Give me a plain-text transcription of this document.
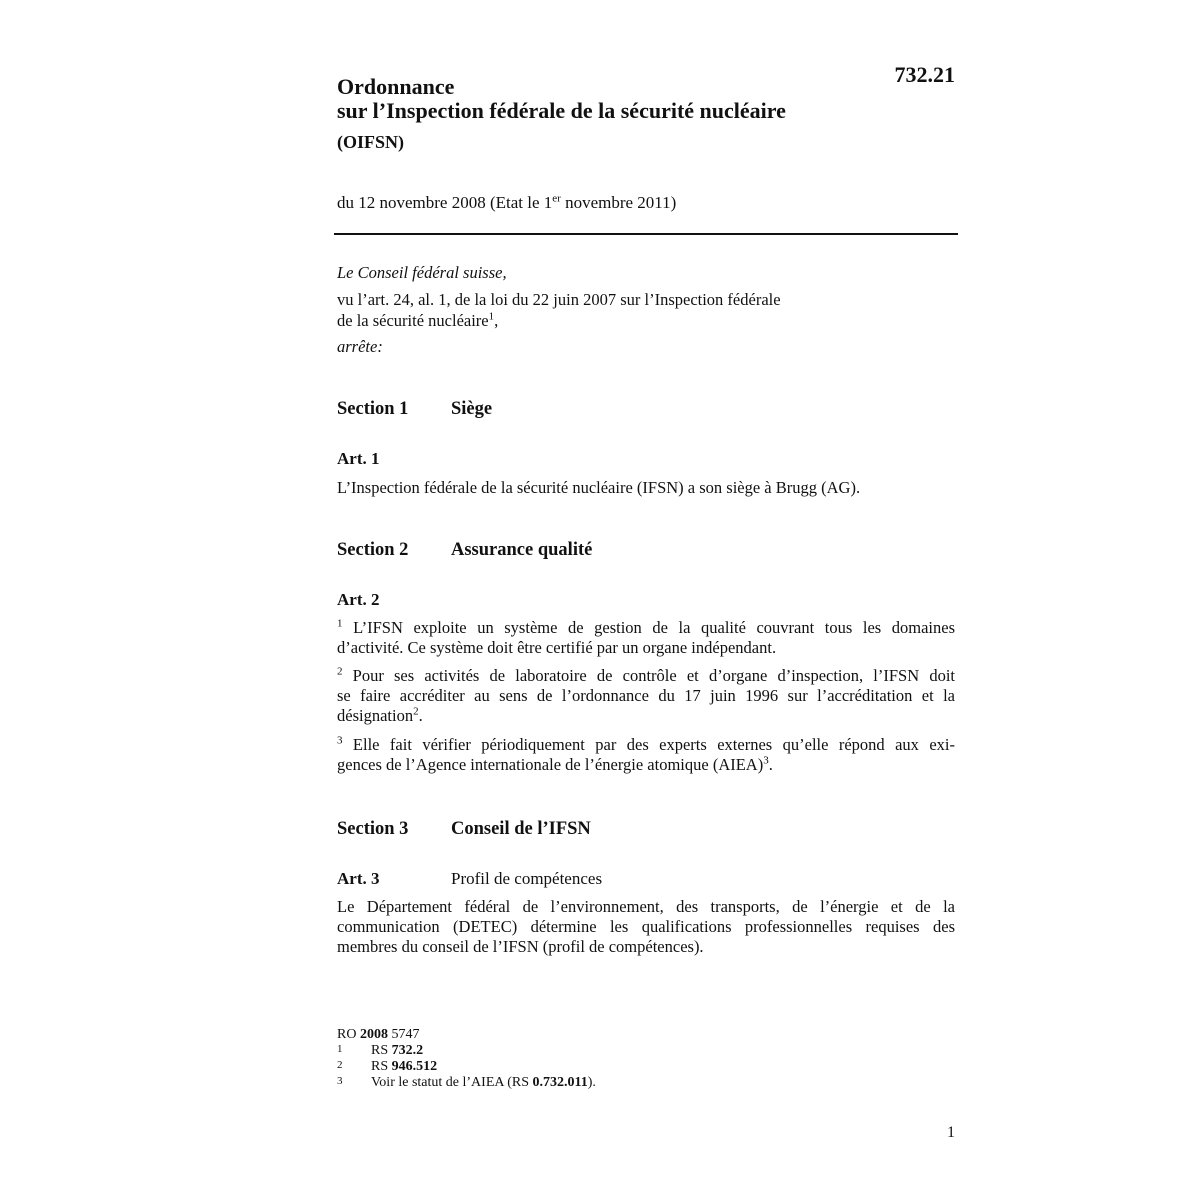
732.21
Ordonnance
sur l’Inspection fédérale de la sécurité nucléaire
(OIFSN)
du 12 novembre 2008 (Etat le 1er novembre 2011)
Le Conseil fédéral suisse,
vu l’art. 24, al. 1, de la loi du 22 juin 2007 sur l’Inspection fédérale
de la sécurité nucléaire$^1$,
arrête:
Section 1 Siège
Art. 1
L’Inspection fédérale de la sécurité nucléaire (IFSN) a son siège à Brugg (AG).
Section 2 Assurance qualité
Art. 2
$^1$ L’IFSN exploite un système de gestion de la qualité couvrant tous les domaines
d’activité. Ce système doit être certifié par un organe indépendant.
$^2$ Pour ses activités de laboratoire de contrôle et d’organe d’inspection, l’IFSN doit
se faire accréditer au sens de l’ordonnance du 17 juin 1996 sur l’accréditation et la
désignation$^2$.
$^3$ Elle fait vérifier périodiquement par des experts externes qu’elle répond aux exi-
gences de l’Agence internationale de l’énergie atomique (AIEA)$^3$.
Section 3 Conseil de l’IFSN
Art. 3	Profil de compétences
Le Département fédéral de l’environnement, des transports, de l’énergie et de la
communication (DETEC) détermine les qualifications professionnelles requises des
membres du conseil de l’IFSN (profil de compétences).
RO 2008 5747
1 RS 732.2
2 RS 946.512
3 Voir le statut de l’AIEA (RS 0.732.011).
1
